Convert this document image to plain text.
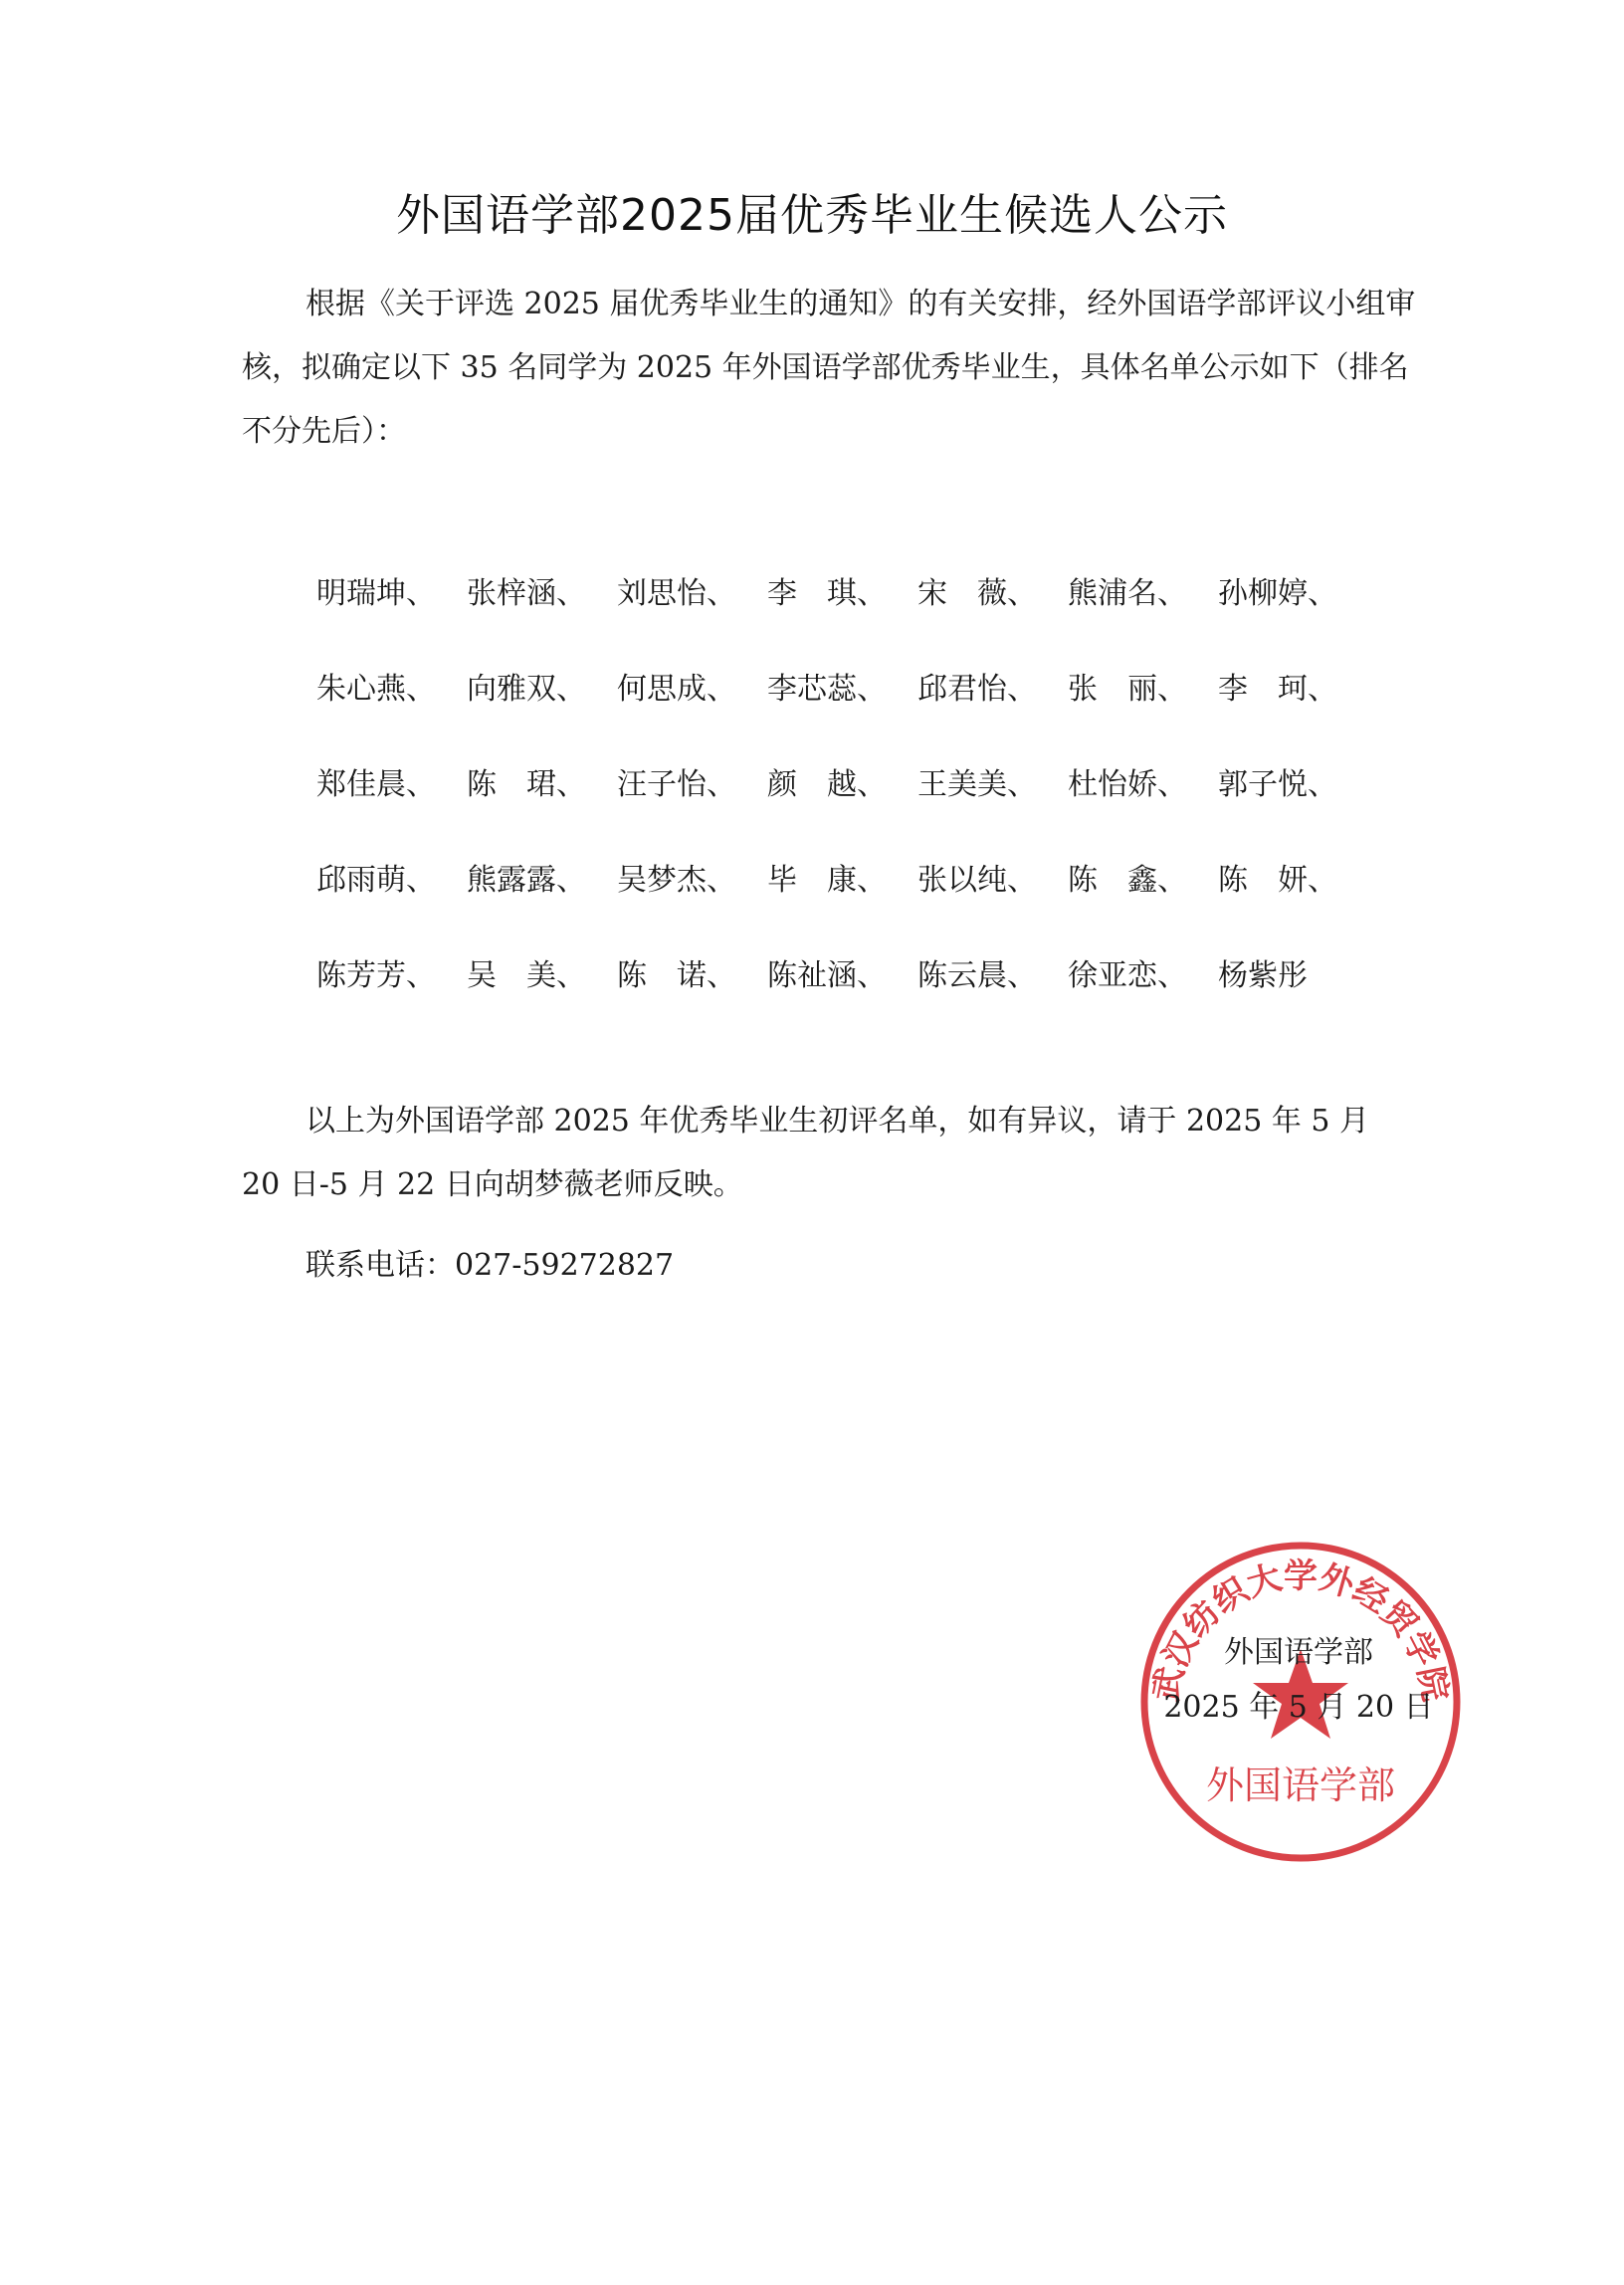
外国语学部2025届优秀毕业生候选人公示
根据《关于评选 2025 届优秀毕业生的通知》的有关安排，经外国语学部评议小组审核，拟确定以下 35 名同学为 2025 年外国语学部优秀毕业生，具体名单公示如下（排名不分先后）：
明瑞坤、	张梓涵、	刘思怡、	李　琪、	宋　薇、	熊浦名、	孙柳婷、
朱心燕、	向雅双、	何思成、	李芯蕊、	邱君怡、	张　丽、	李　珂、
郑佳晨、	陈　珺、	汪子怡、	颜　越、	王美美、	杜怡娇、	郭子悦、
邱雨萌、	熊露露、	吴梦杰、	毕　康、	张以纯、	陈　鑫、	陈　妍、
陈芳芳、	吴　美、	陈　诺、	陈祉涵、	陈云晨、	徐亚恋、	杨紫彤
以上为外国语学部 2025 年优秀毕业生初评名单，如有异议，请于 2025 年 5 月 20 日-5 月 22 日向胡梦薇老师反映。
联系电话：027-59272827
武汉纺织大学外经贸学院
外国语学部
外国语学部
2025 年 5 月 20 日
